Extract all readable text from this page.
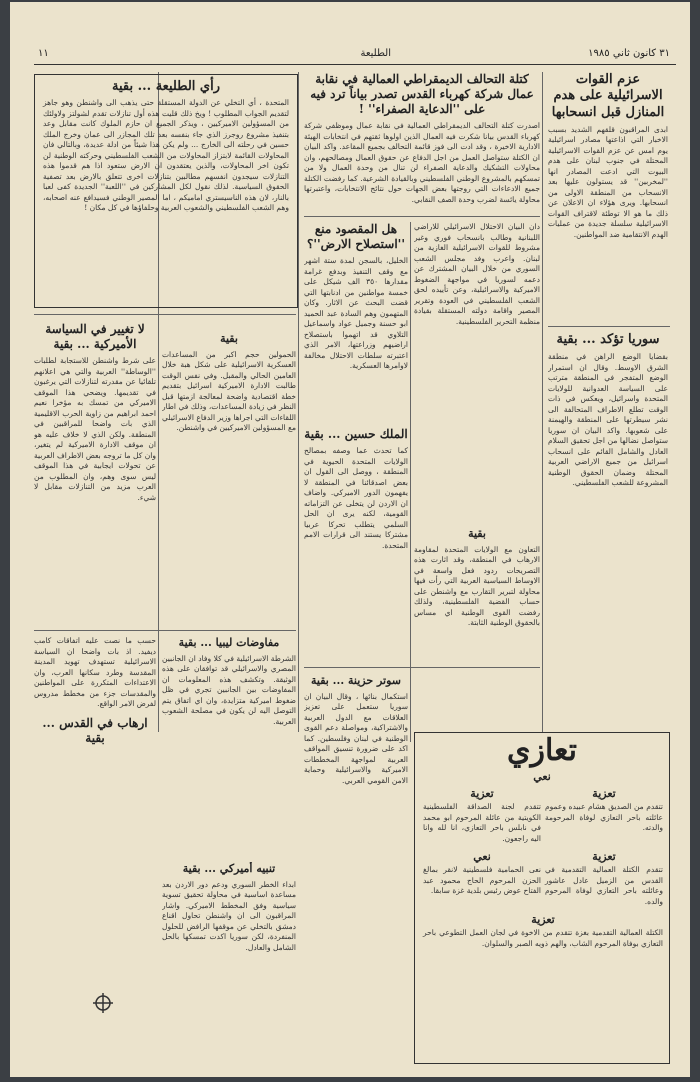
٣١ كانون ثاني ١٩٨٥
الطليعة
١١
رأي الطليعة ... بقية
المتحدة ، أي التخلي عن الدولة المستقلة حتى يذهب الى واشنطن وهو جاهز لتقديم الجواب المطلوب ! ويخ ذلك قليت هذه أول تنازلات تقدم لشولتز ولاولئك من المسؤولين الاميركيين ، ويذكر الجميع ان حازم الملوك كانت مقابل وعد بتنفيذ مشروع روجرز الذي جاء بنفسه بعد تلك المجازر الى عمان وخرج الملك حسين في رحلته الى الخارج ... ولم يكن هذا شيئاً من ادلة عديدة، وبالتالي فان المحاولات القائمة لابتزاز المحاولات من الشعب الفلسطيني وحركته الوطنية لن تكون اخر المحاولات، والذين يعتقدون ان الارض ستعود اذا هم قدموا هذه التنازلات سيجدون انفسهم مطالبين بتنازلات اخرى تتعلق بالارض بعد تصفية الحقوق السياسية. لذلك نقول لكل المشاركين في ''اللعبة'' الجديدة كفى لعبا بالنار، لان هذه الناسيستري اماميكم ، اما المصير الوطني فسيدافع عنه اصحابه، وهم الشعب الفلسطيني والشعوب العربية وحلفاؤها في كل مكان !
كتلة التحالف الديمقراطي العمالية في نقابة عمال شركة كهرباء القدس تصدر بياناً ترد فيه على ''الدعاية الصفراء'' !
اصدرت كتلة التحالف الديمقراطي العمالية في نقابة عمال وموظفي شركة كهرباء القدس بيانا شكرت فيه العمال الذين اولوها ثقتهم في انتخابات الهيئة الادارية الاخيرة ، وقد ادت الى فوز قائمة التحالف بجميع المقاعد. واكد البيان ان الكتلة ستواصل العمل من اجل الدفاع عن حقوق العمال ومصالحهم، وان محاولات التشكيك والدعاية الصفراء لن تنال من وحدة العمال ولا من تمسكهم بالمشروع الوطني الفلسطيني وبالقيادة الشرعية. كما رفضت الكتلة جميع الادعاءات التي روجتها بعض الجهات حول نتائج الانتخابات، واعتبرتها محاولة يائسة لضرب وحدة الصف النقابي.
عزم القوات الاسرائيلية على هدم المنازل قبل انسحابها
ابدى المراقبون قلقهم الشديد بسبب الاخبار التي اذاعتها مصادر اسرائيلية يوم امس عن عزم القوات الاسرائيلية المحتلة في جنوب لبنان على هدم البيوت التي ادعت المصادر انها ''لمخربين'' قد يستولون عليها بعد الانسحاب من المنطقة الاولى من انسحابها. ويرى هؤلاء ان الاعلان عن ذلك ما هو الا توطئة لاقتراف القوات الاسرائيلية سلسلة جديدة من عمليات الهدم الانتقامية ضد المواطنين.
هل المقصود منع ''استصلاح الارض''؟
الخليل، بالسجن لمدة ستة اشهر مع وقف التنفيذ وبدفع غرامة مقدارها ٣٥٠ الف شيكل على خمسة مواطنين من ادنابتها التي قضت البحث عن الاثار. وكان المتهمون وهم السادة عبد الحميد ابو حسنة وجميل عواد واسماعيل التلاوي قد اتهموا باستصلاح اراضيهم وزراعتها، الامر الذي اعتبرته سلطات الاحتلال مخالفة لاوامرها العسكرية.
دان البيان الاحتلال الاسرائيلي للاراضي اللبنانية وطالب بانسحاب فوري وغير مشروط للقوات الاسرائيلية الغازية من لبنان. واعرب وفد مجلس الشعب السوري من خلال البيان المشترك عن دعمه لسوريا في مواجهة الضغوط الاميركية والاسرائيلية، وعن تأييده لحق الشعب الفلسطيني في العودة وتقرير المصير واقامة دولته المستقلة بقيادة منظمة التحرير الفلسطينية.
سوريا تؤكد ... بقية
بقضايا الوضع الراهن في منطقة الشرق الاوسط. وقال ان استمرار الوضع المتفجر في المنطقة مترتب على السياسة العدوانية للولايات المتحدة واسرائيل، ويعكس في ذات الوقت تطلع الاطراف المتحالفة الى نشر سيطرتها على المنطقة والهيمنة على شعوبها. واكد البيان ان سوريا ستواصل نضالها من اجل تحقيق السلام العادل والشامل القائم على انسحاب اسرائيل من جميع الاراضي العربية المحتلة وضمان الحقوق الوطنية المشروعة للشعب الفلسطيني.
لا تغيير في السياسة الأميركية ... بقية
على شرط واشنطن للاستجابة لطلبات ''الوساطة'' العربية والتي هي اعلانهم تلقائيا عن مقدرته لتنازلات التي يرغبون في تقديمها. ويضحي هذا الموقف الاميركي من تمسك به مؤخرا نعيم احمد ابراهيم من زاوية الحرب الاقليمية الذي بات واضحا للمراقبين في المنطقة. ولكن الذي لا خلاف عليه هو ان موقف الادارة الاميركية لم يتغير، وان كل ما تروجه بعض الاطراف العربية عن تحولات ايجابية في هذا الموقف ليس سوى وهم، وان المطلوب من العرب مزيد من التنازلات مقابل لا شيء.
بقية
الحمولين حجم اكبر من المساعدات العسكرية الاسرائيلية على شكل هبة خلال العامين الحالي والمقبل. وفي نفس الوقت طالبت الادارة الاميركية اسرائيل بتقديم خطة اقتصادية واضحة لمعالجة ازمتها قبل النظر في زيادة المساعدات، وذلك في اطار اللقاءات التي اجراها وزير الدفاع الاسرائيلي مع المسؤولين الاميركيين في واشنطن. الملك حسين ... بقية
كما تحدث عما وصفه بمصالح الولايات المتحدة الحيوية في المنطقة ، ووصل الى القول ان بعض اصدقائنا في المنطقة لا يفهمون الدور الاميركي. واضاف ان الاردن لن يتخلى عن التزاماته القومية، لكنه يرى ان الحل السلمي يتطلب تحركا عربيا مشتركا يستند الى قرارات الامم المتحدة.
بقية
التعاون مع الولايات المتحدة لمقاومة الارهاب في المنطقة، وقد اثارت هذه التصريحات ردود فعل واسعة في الاوساط السياسية العربية التي رأت فيها محاولة لتبرير التقارب مع واشنطن على حساب القضية الفلسطينية، ولذلك رفضت القوى الوطنية اي مساس بالحقوق الوطنية الثابتة.
مفاوضات ليبيا ... بقية
الشرطة الاسرائيلية في كلا وفاد ان الجانبين المصري والاسرائيلي قد توافقان على هذه الوثيقة. وتكشف هذه المعلومات ان المفاوضات بين الجانبين تجري في ظل ضغوط اميركية متزايدة، وان اي اتفاق يتم التوصل اليه لن يكون في مصلحة الشعوب العربية.
حسب ما نصت عليه اتفاقات كامب ديفيد. اذ بات واضحا ان السياسة الاسرائيلية تستهدف تهويد المدينة المقدسة وطرد سكانها العرب، وان الاعتداءات المتكررة على المواطنين والمقدسات جزء من مخطط مدروس لفرض الامر الواقع.
ارهاب في القدس ... بقية
تنبيه أميركي ... بقية
ابداء الخطر السوري ودعم دور الاردن بعد مساعدة اساسية في محاولة تحقيق تسوية سياسية وفق المخطط الاميركي. واشار المراقبون الى ان واشنطن تحاول اقناع دمشق بالتخلي عن موقفها الرافض للحلول المنفردة، لكن سوريا اكدت تمسكها بالحل الشامل والعادل.
سوتر حزينة ... بقية
استكمال بنائها ، وقال البيان ان سوريا ستعمل على تعزيز العلاقات مع الدول العربية والاشتراكية، ومواصلة دعم القوى الوطنية في لبنان وفلسطين. كما اكد على ضرورة تنسيق المواقف العربية لمواجهة المخططات الاميركية والاسرائيلية وحماية الامن القومي العربي.
تعازي
نعي
تعزية
تتقدم من الصديق هشام عبيده وعموم عائلته باحر التعازي لوفاة المرحومة والدته.
تعزية
تتقدم لجنة الصداقة الفلسطينية الكويتية من عائلة المرحوم ابو محمد في نابلس باحر التعازي، انا لله وانا اليه راجعون.
تعزية
تتقدم الكتلة العمالية التقدمية في القدس من الزميل عادل عاشور وعائلته باحر التعازي لوفاة المرحوم والده.
نعي
نعى الحمامية فلسطينية لانقر بمالغ الحزن المرحوم الحاج محمود عبد الفتاح عوض رئيس بلدية غزة سابقا.
تعزية
الكتلة العمالية التقدمية بغزة تتقدم من الاخوة في لجان العمل التطوعي باحر التعازي بوفاة المرحوم الشاب، والهم ذويه الصبر والسلوان.
